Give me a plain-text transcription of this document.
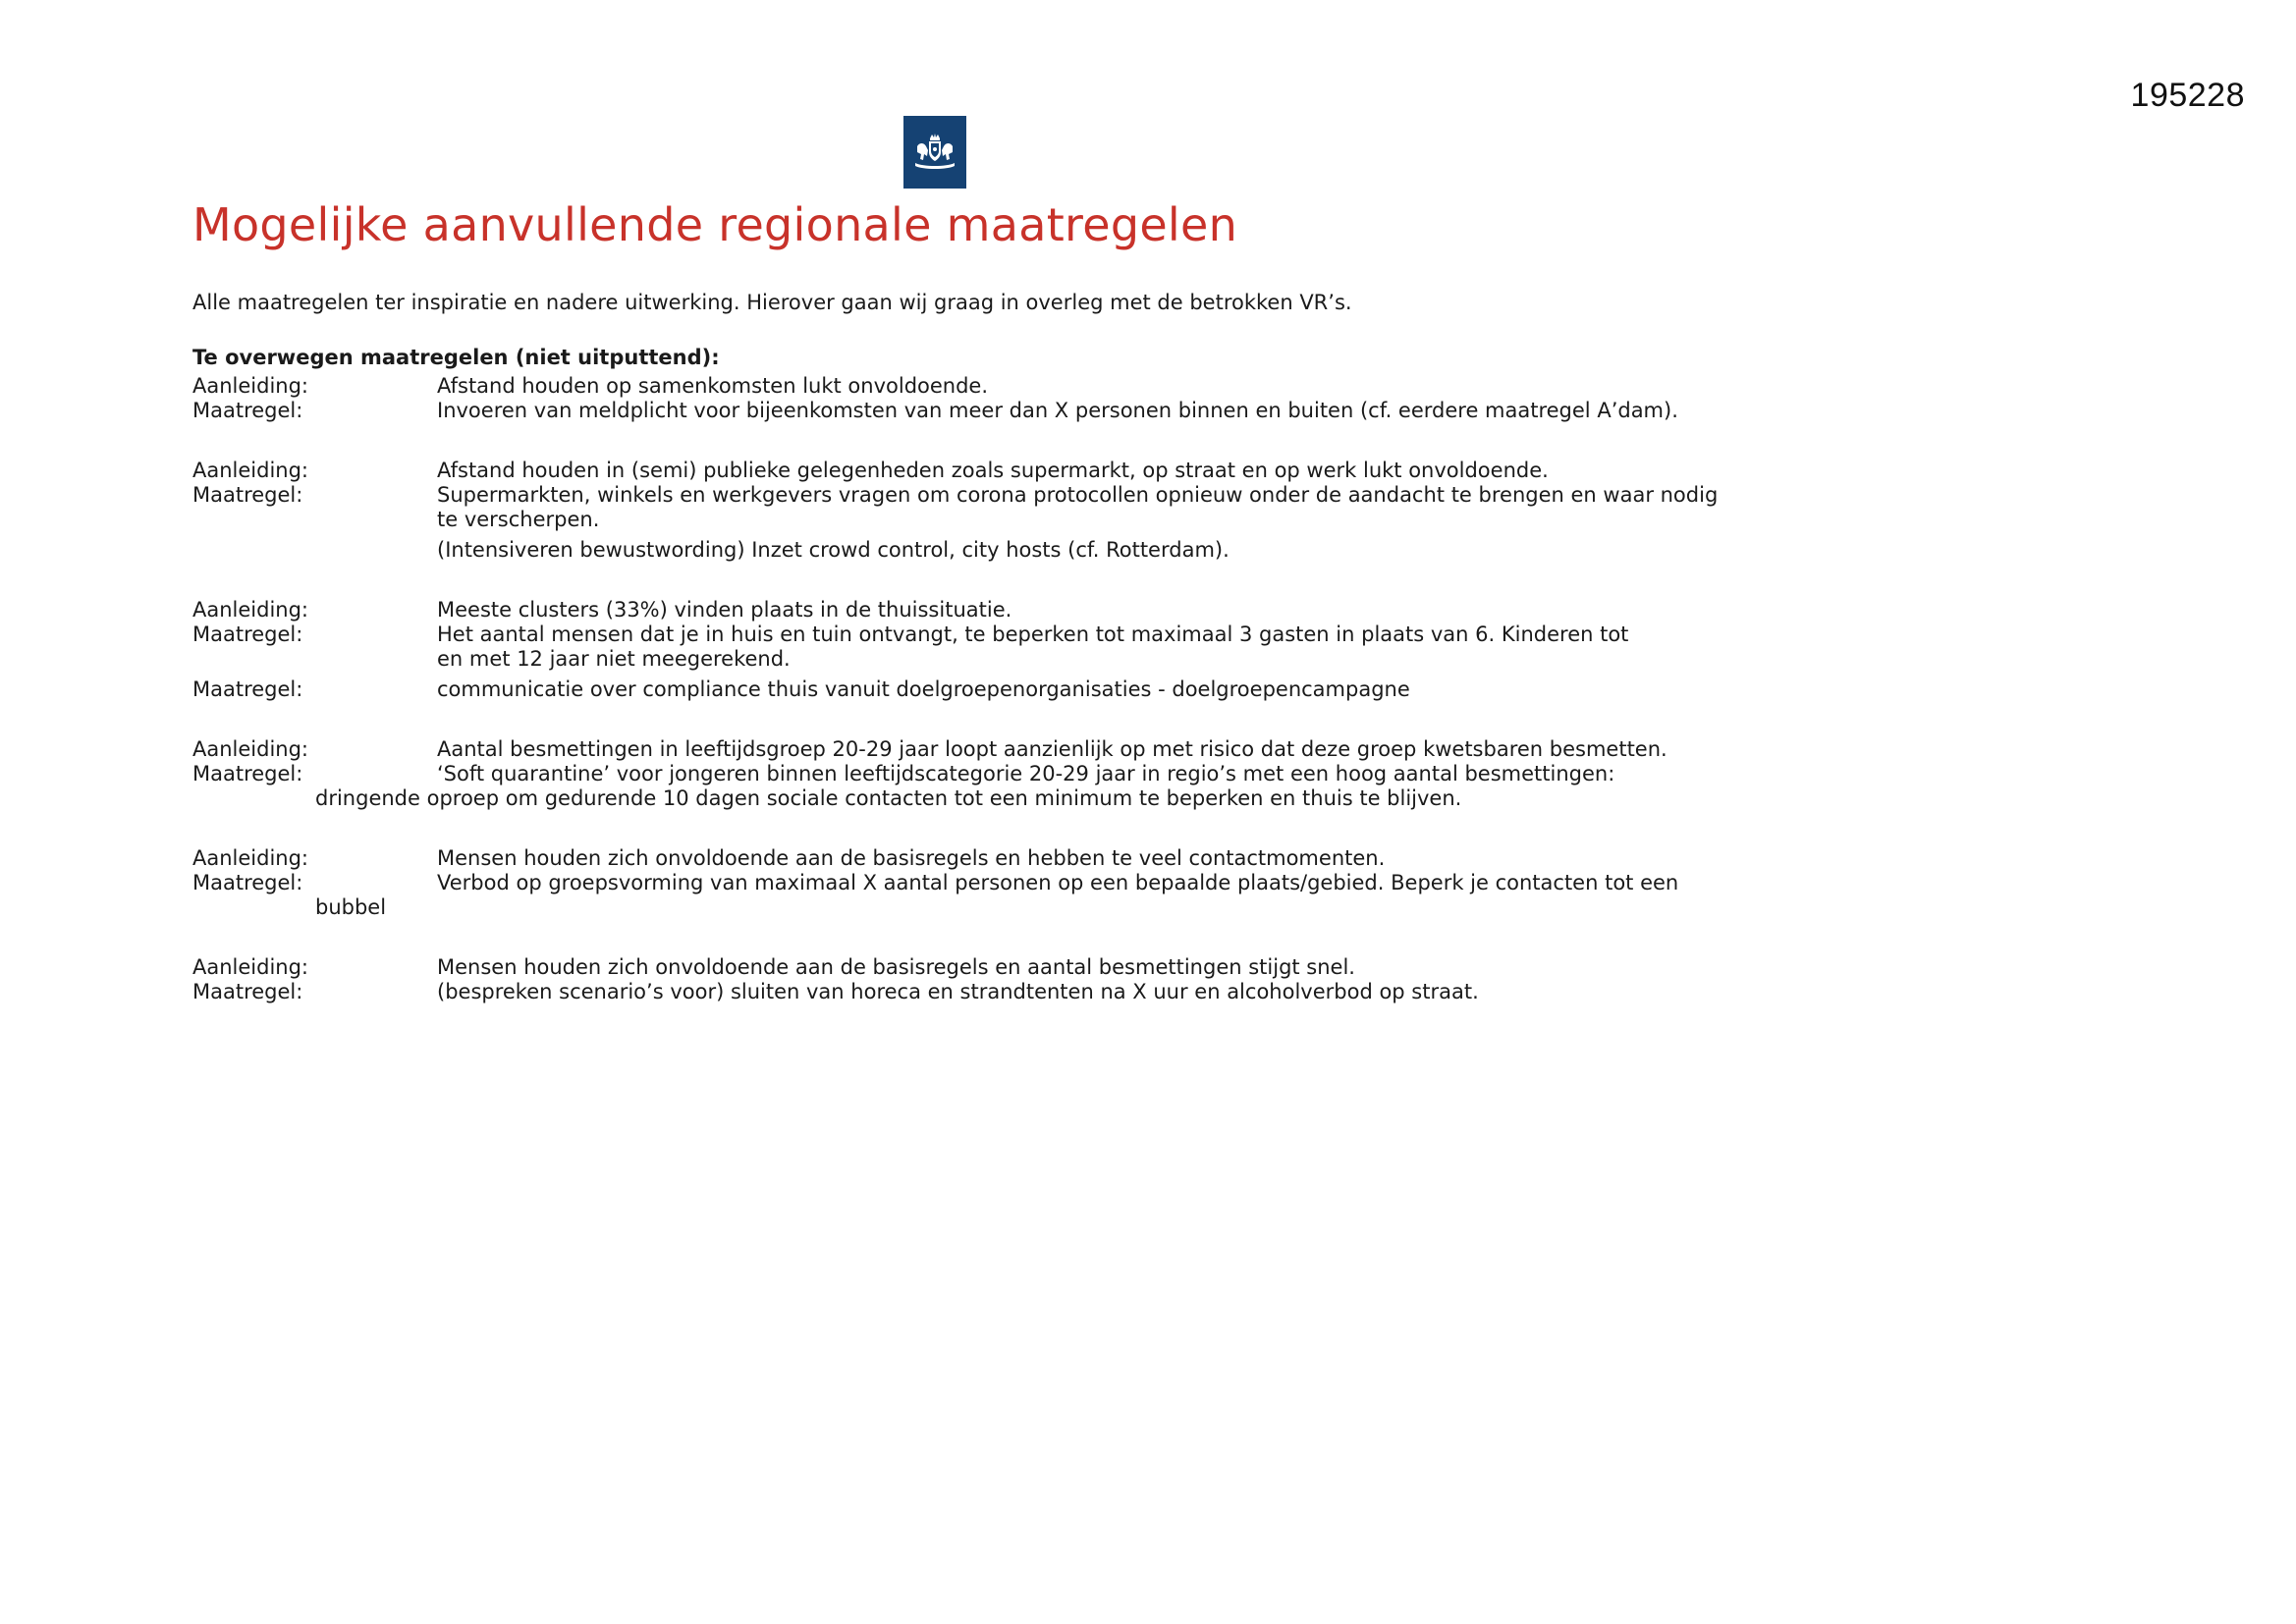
195228
Mogelijke aanvullende regionale maatregelen

Alle maatregelen ter inspiratie en nadere uitwerking. Hierover gaan wij graag in overleg met de betrokken VR’s.

Te overwegen maatregelen (niet uitputtend):
Aanleiding:	Afstand houden op samenkomsten lukt onvoldoende.
Maatregel:	Invoeren van meldplicht voor bijeenkomsten van meer dan X personen binnen en buiten (cf. eerdere maatregel A’dam).
Aanleiding:	Afstand houden in (semi) publieke gelegenheden zoals supermarkt, op straat en op werk lukt onvoldoende.
Maatregel:	Supermarkten, winkels en werkgevers vragen om corona protocollen opnieuw onder de aandacht te brengen en waar nodig te verscherpen.
(Intensiveren bewustwording) Inzet crowd control, city hosts (cf. Rotterdam).
Aanleiding:	Meeste clusters (33%) vinden plaats in de thuissituatie.
Maatregel:	Het aantal mensen dat je in huis en tuin ontvangt, te beperken tot maximaal 3 gasten in plaats van 6. Kinderen tot en met 12 jaar niet meegerekend.
Maatregel:	communicatie over compliance thuis vanuit doelgroepenorganisaties - doelgroepencampagne
Aanleiding:	Aantal besmettingen in leeftijdsgroep 20-29 jaar loopt aanzienlijk op met risico dat deze groep kwetsbaren besmetten.
Maatregel:	‘Soft quarantine’ voor jongeren binnen leeftijdscategorie 20-29 jaar in regio’s met een hoog aantal besmettingen:
dringende oproep om gedurende 10 dagen sociale contacten tot een minimum te beperken en thuis te blijven.
Aanleiding:	Mensen houden zich onvoldoende aan de basisregels en hebben te veel contactmomenten.
Maatregel:	Verbod op groepsvorming van maximaal X aantal personen op een bepaalde plaats/gebied. Beperk je contacten tot een
bubbel
Aanleiding:	Mensen houden zich onvoldoende aan de basisregels en aantal besmettingen stijgt snel.
Maatregel:	(bespreken scenario’s voor) sluiten van horeca en strandtenten na X uur en alcoholverbod op straat.
